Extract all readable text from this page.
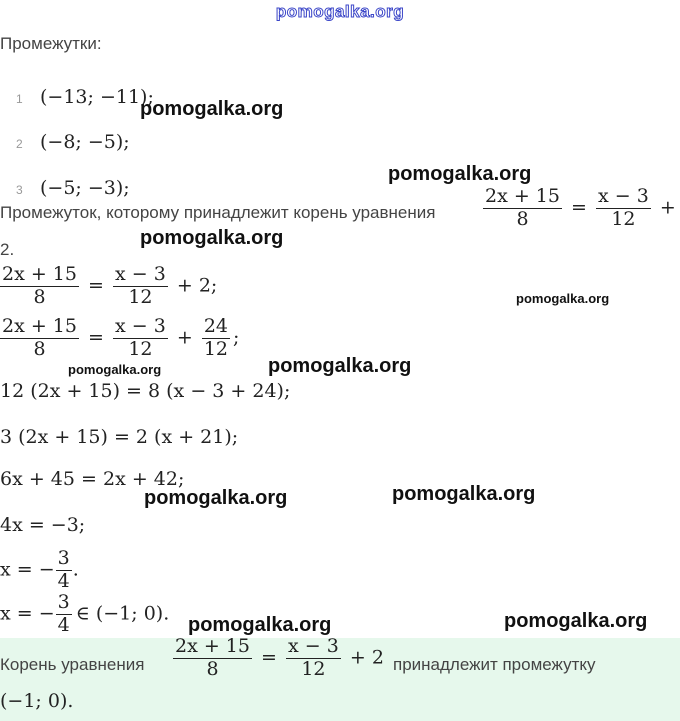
pomogalka.org
Промежутки:
1 (−13; −11);
2 (−8; −5);
3 (−5; −3);
Промежуток, которому принадлежит корень уравнения	$\frac{2x + 15}{8} = \frac{x - 3}{12}$ +
2.
$\frac{2x + 15}{8} = \frac{x - 3}{12} + 2$;
$\frac{2x + 15}{8} = \frac{x - 3}{12} + \frac{24}{12}$ ;
12 (2x + 15) = 8 (x − 3 + 24);
3 (2x + 15) = 2 (x + 21);
6x + 45 = 2x + 42;
4x = −3;
x = − $\frac{3}{4}$ .
x = − $\frac{3}{4}$ ∈ (−1; 0).
Корень уравнения $\frac{2x + 15}{8} = \frac{x - 3}{12} + 2$ принадлежит промежутку
(−1; 0).
pomogalka.org
pomogalka.org
pomogalka.org
pomogalka.org
pomogalka.org	pomogalka.org
pomogalka.org	pomogalka.org
pomogalka.org	pomogalka.org
